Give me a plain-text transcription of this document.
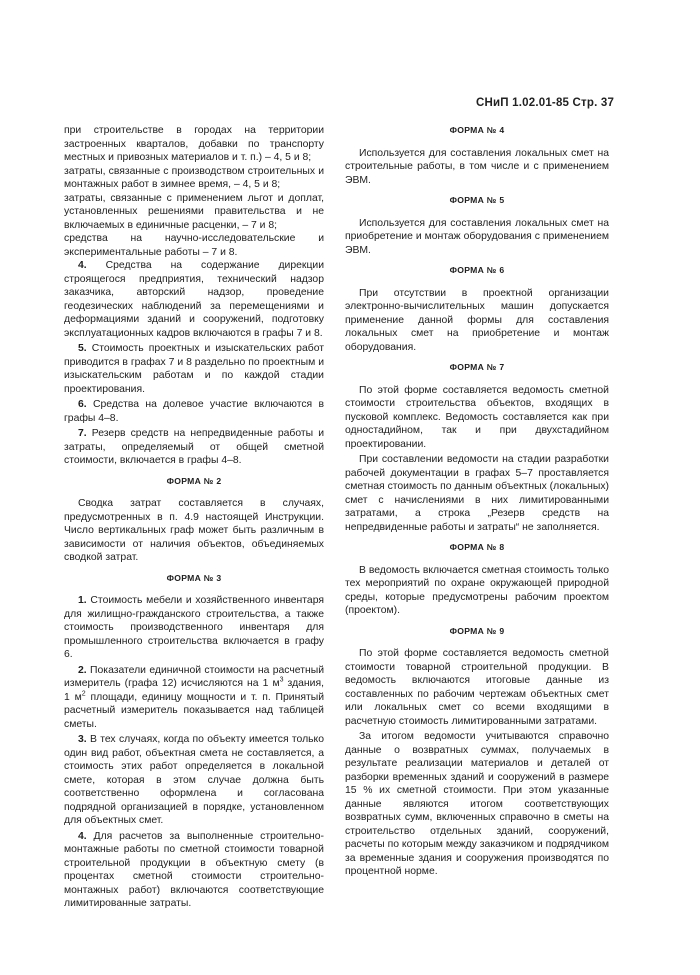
СНиП 1.02.01-85 Стр. 37

при строительстве в городах на территории застроенных кварталов, добавки по транспорту местных и привозных материалов и т. п.) – 4, 5 и 8;

затраты, связанные с производством строительных и монтажных работ в зимнее время, – 4, 5 и 8;

затраты, связанные с применением льгот и доплат, установленных решениями правительства и не включаемых в единичные расценки, – 7 и 8;

средства на научно-исследовательские и экспериментальные работы – 7 и 8.

4. Средства на содержание дирекции строящегося предприятия, технический надзор заказчика, авторский надзор, проведение геодезических наблюдений за перемещениями и деформациями зданий и сооружений, подготовку эксплуатационных кадров включаются в графы 7 и 8.

5. Стоимость проектных и изыскательских работ приводится в графах 7 и 8 раздельно по проектным и изыскательским работам и по каждой стадии проектирования.

6. Средства на долевое участие включаются в графы 4–8.

7. Резерв средств на непредвиденные работы и затраты, определяемый от общей сметной стоимости, включается в графы 4–8.

ФОРМА № 2

Сводка затрат составляется в случаях, предусмотренных в п. 4.9 настоящей Инструкции. Число вертикальных граф может быть различным в зависимости от наличия объектов, объединяемых сводкой затрат.

ФОРМА № 3

1. Стоимость мебели и хозяйственного инвентаря для жилищно-гражданского строительства, а также стоимость производственного инвентаря для промышленного строительства включается в графу 6.

2. Показатели единичной стоимости на расчетный измеритель (графа 12) исчисляются на 1 $м^3$ здания, 1 $м^2$ площади, единицу мощности и т. п. Принятый расчетный измеритель показывается над таблицей сметы.

3. В тех случаях, когда по объекту имеется только один вид работ, объектная смета не составляется, а стоимость этих работ определяется в локальной смете, которая в этом случае должна быть соответственно оформлена и согласована подрядной организацией в порядке, установленном для объектных смет.

4. Для расчетов за выполненные строительно-монтажные работы по сметной стоимости товарной строительной продукции в объектную смету (в процентах сметной стоимости строительно-монтажных работ) включаются соответствующие лимитированные затраты.

ФОРМА № 4

Используется для составления локальных смет на строительные работы, в том числе и с применением ЭВМ.

ФОРМА № 5

Используется для составления локальных смет на приобретение и монтаж оборудования с применением ЭВМ.

ФОРМА № 6

При отсутствии в проектной организации электронно-вычислительных машин допускается применение данной формы для составления локальных смет на приобретение и монтаж оборудования.

ФОРМА № 7

По этой форме составляется ведомость сметной стоимости строительства объектов, входящих в пусковой комплекс. Ведомость составляется как при одностадийном, так и при двухстадийном проектировании.

При составлении ведомости на стадии разработки рабочей документации в графах 5–7 проставляется сметная стоимость по данным объектных (локальных) смет с начислениями в них лимитированными затратами, а строка „Резерв средств на непредвиденные работы и затраты“ не заполняется.

ФОРМА № 8

В ведомость включается сметная стоимость только тех мероприятий по охране окружающей природной среды, которые предусмотрены рабочим проектом (проектом).

ФОРМА № 9

По этой форме составляется ведомость сметной стоимости товарной строительной продукции. В ведомость включаются итоговые данные из составленных по рабочим чертежам объектных смет или локальных смет со всеми входящими в расчетную стоимость лимитированными затратами.

За итогом ведомости учитываются справочно данные о возвратных суммах, получаемых в результате реализации материалов и деталей от разборки временных зданий и сооружений в размере 15 % их сметной стоимости. При этом указанные данные являются итогом соответствующих возвратных сумм, включенных справочно в сметы на строительство отдельных зданий, сооружений, расчеты по которым между заказчиком и подрядчиком за временные здания и сооружения производятся по процентной норме.
